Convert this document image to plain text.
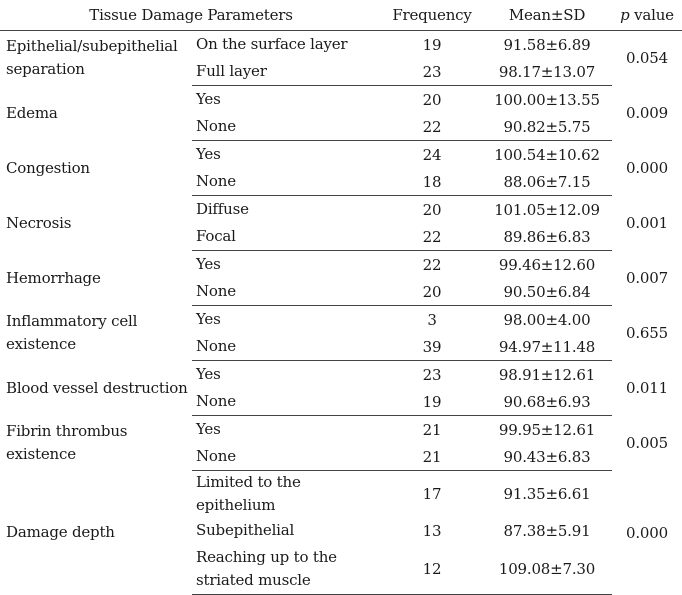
Tissue Damage Parameters		Frequency	Mean±SD	p value
Epithelial/subepithelial separation	On the surface layer	19	91.58±6.89	0.054
	Full layer	23	98.17±13.07	
Edema	Yes	20	100.00±13.55	0.009
	None	22	90.82±5.75	
Congestion	Yes	24	100.54±10.62	0.000
	None	18	88.06±7.15	
Necrosis	Diffuse	20	101.05±12.09	0.001
	Focal	22	89.86±6.83	
Hemorrhage	Yes	22	99.46±12.60	0.007
	None	20	90.50±6.84	
Inflammatory cell existence	Yes	3	98.00±4.00	0.655
	None	39	94.97±11.48	
Blood vessel destruction	Yes	23	98.91±12.61	0.011
	None	19	90.68±6.93	
Fibrin thrombus existence	Yes	21	99.95±12.61	0.005
	None	21	90.43±6.83	
Damage depth	Limited to the epithelium	17	91.35±6.61	0.000
	Subepithelial	13	87.38±5.91	
	Reaching up to the striated muscle	12	109.08±7.30	
